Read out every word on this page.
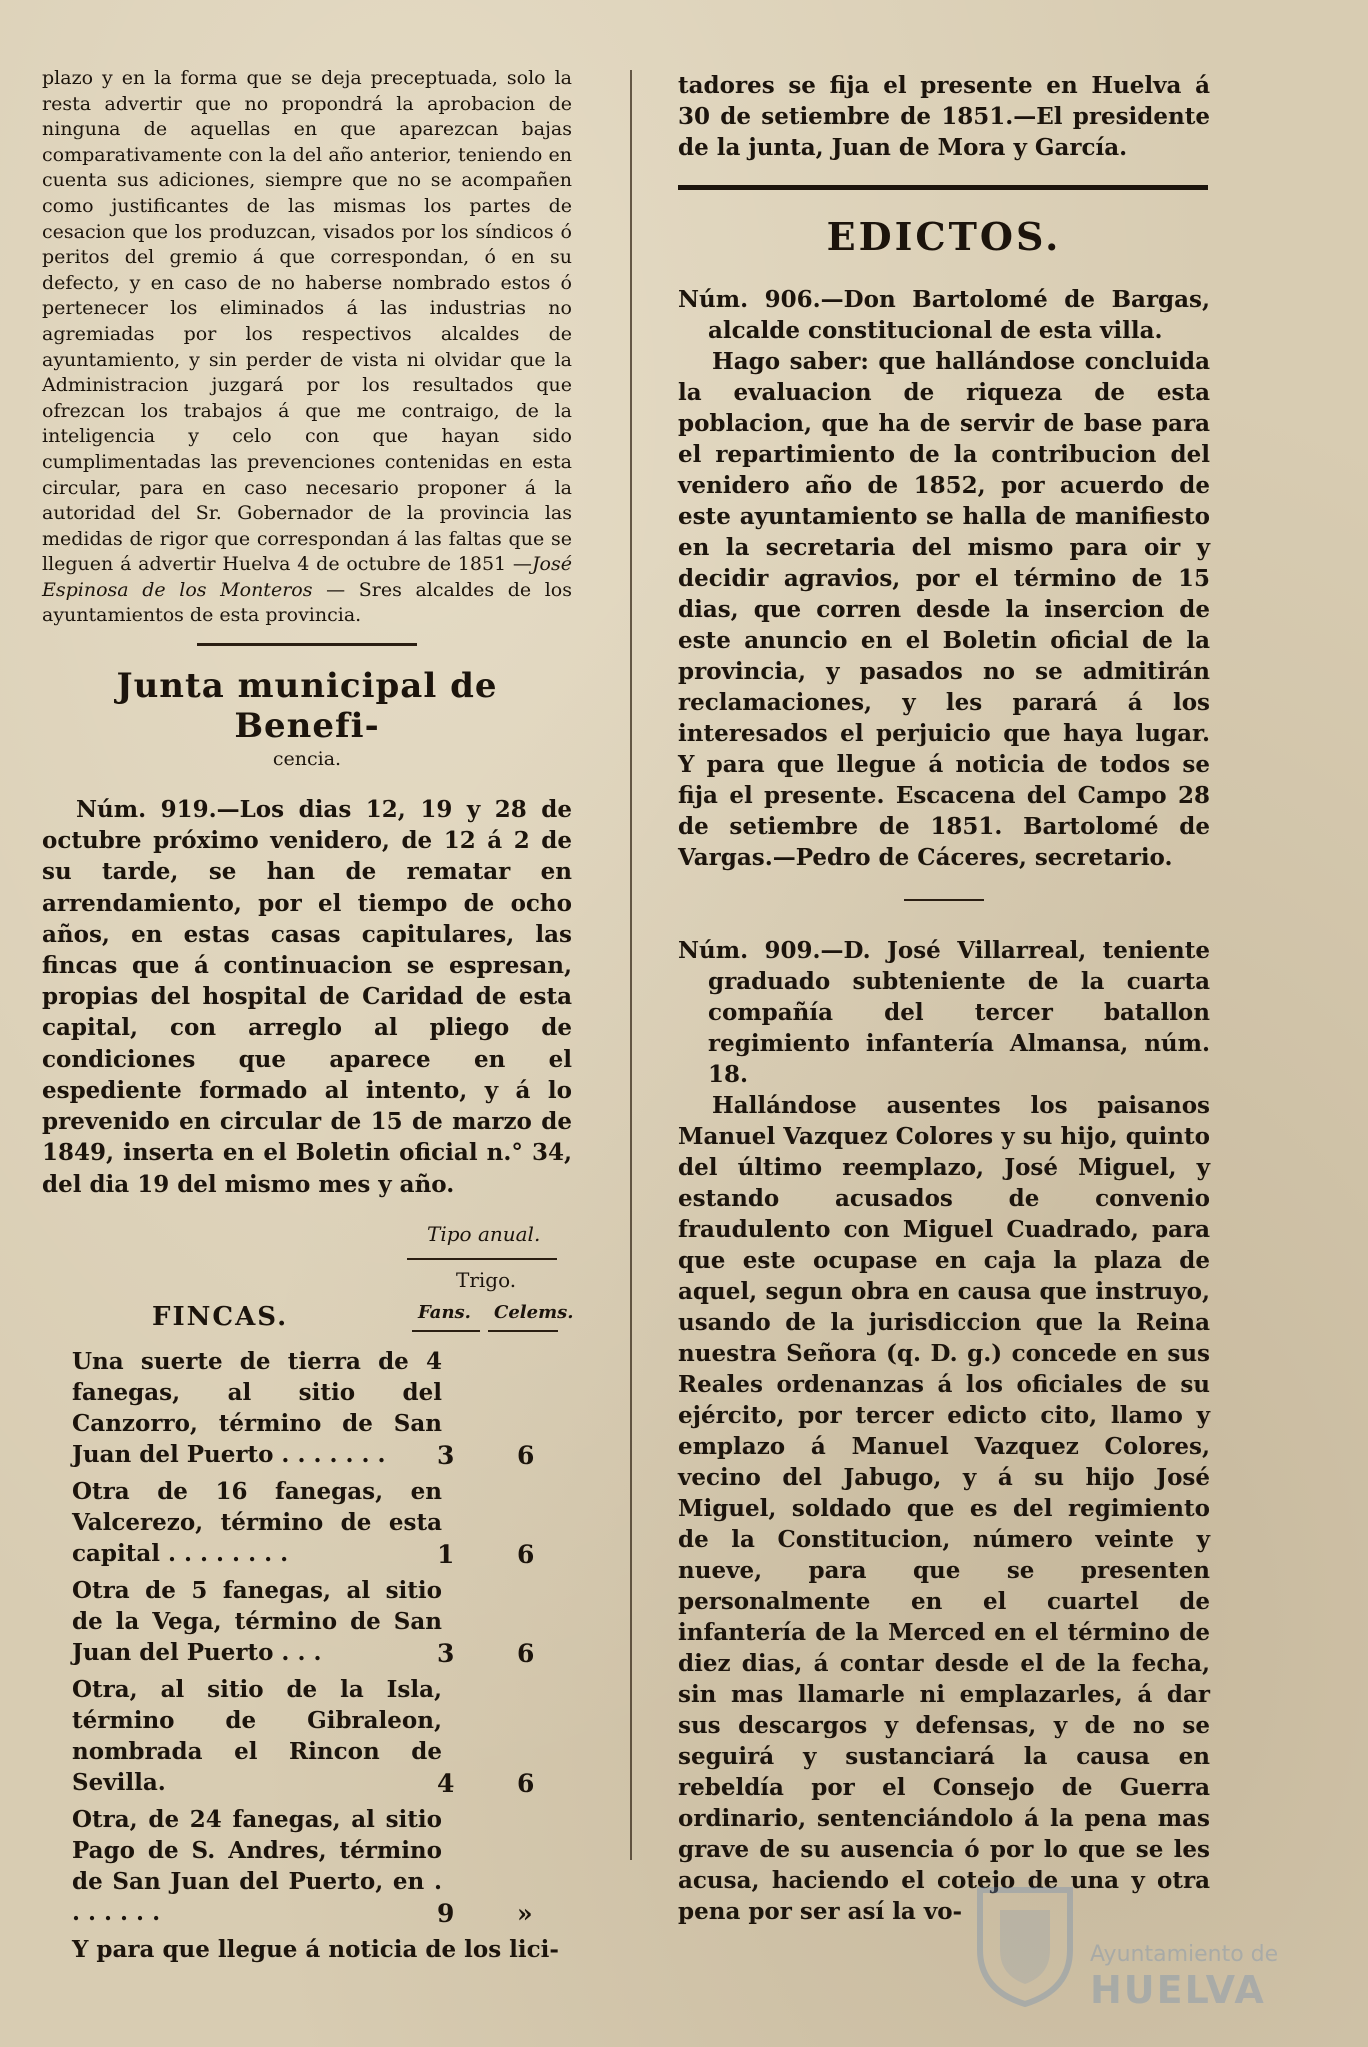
plazo y en la forma que se deja preceptuada, solo la resta advertir que no propondrá la aprobacion de ninguna de aquellas en que aparezcan bajas comparativamente con la del año anterior, teniendo en cuenta sus adiciones, siempre que no se acompañen como justificantes de las mismas los partes de cesacion que los produzcan, visados por los síndicos ó peritos del gremio á que correspondan, ó en su defecto, y en caso de no haberse nombrado estos ó pertenecer los eliminados á las industrias no agremiadas por los respectivos alcaldes de ayuntamiento, y sin perder de vista ni olvidar que la Administracion juzgará por los resultados que ofrezcan los trabajos á que me contraigo, de la inteligencia y celo con que hayan sido cumplimentadas las prevenciones contenidas en esta circular, para en caso necesario proponer á la autoridad del Sr. Gobernador de la provincia las medidas de rigor que correspondan á las faltas que se lleguen á advertir Huelva 4 de octubre de 1851 —José Espinosa de los Monteros — Sres alcaldes de los ayuntamientos de esta provincia.

Junta municipal de Benefi-
cencia.

Núm. 919.—Los dias 12, 19 y 28 de octubre próximo venidero, de 12 á 2 de su tarde, se han de rematar en arrendamiento, por el tiempo de ocho años, en estas casas capitulares, las fincas que á continuacion se espresan, propias del hospital de Caridad de esta capital, con arreglo al pliego de condiciones que aparece en el espediente formado al intento, y á lo prevenido en circular de 15 de marzo de 1849, inserta en el Boletin oficial n.° 34, del dia 19 del mismo mes y año.

Tipo anual.
Trigo.
FINCAS.	Fans. Celems.
Una suerte de tierra de 4 fanegas, al sitio del Canzorro, término de San Juan del Puerto . . . . . . .	3	6
Otra de 16 fanegas, en Valcerezo, término de esta capital . . . . . . . .	1	6
Otra de 5 fanegas, al sitio de la Vega, término de San Juan del Puerto . . .	3	6
Otra, al sitio de la Isla, término de Gibraleon, nombrada el Rincon de Sevilla.	4	6
Otra, de 24 fanegas, al sitio Pago de S. Andres, término de San Juan del Puerto, en . . . . . . .	9	»

Y para que llegue á noticia de los lici-

tadores se fija el presente en Huelva á 30 de setiembre de 1851.—El presidente de la junta, Juan de Mora y García.

EDICTOS.

Núm. 906.—Don Bartolomé de Bargas, alcalde constitucional de esta villa.

Hago saber: que hallándose concluida la evaluacion de riqueza de esta poblacion, que ha de servir de base para el repartimiento de la contribucion del venidero año de 1852, por acuerdo de este ayuntamiento se halla de manifiesto en la secretaria del mismo para oir y decidir agravios, por el término de 15 dias, que corren desde la insercion de este anuncio en el Boletin oficial de la provincia, y pasados no se admitirán reclamaciones, y les parará á los interesados el perjuicio que haya lugar. Y para que llegue á noticia de todos se fija el presente. Escacena del Campo 28 de setiembre de 1851. Bartolomé de Vargas.—Pedro de Cáceres, secretario.

Núm. 909.—D. José Villarreal, teniente graduado subteniente de la cuarta compañía del tercer batallon regimiento infantería Almansa, núm. 18.

Hallándose ausentes los paisanos Manuel Vazquez Colores y su hijo, quinto del último reemplazo, José Miguel, y estando acusados de convenio fraudulento con Miguel Cuadrado, para que este ocupase en caja la plaza de aquel, segun obra en causa que instruyo, usando de la jurisdiccion que la Reina nuestra Señora (q. D. g.) concede en sus Reales ordenanzas á los oficiales de su ejército, por tercer edicto cito, llamo y emplazo á Manuel Vazquez Colores, vecino del Jabugo, y á su hijo José Miguel, soldado que es del regimiento de la Constitucion, número veinte y nueve, para que se presenten personalmente en el cuartel de infantería de la Merced en el término de diez dias, á contar desde el de la fecha, sin mas llamarle ni emplazarles, á dar sus descargos y defensas, y de no se seguirá y sustanciará la causa en rebeldía por el Consejo de Guerra ordinario, sentenciándolo á la pena mas grave de su ausencia ó por lo que se les acusa, haciendo el cotejo de una y otra pena por ser así la vo-

Ayuntamiento de
HUELVA
